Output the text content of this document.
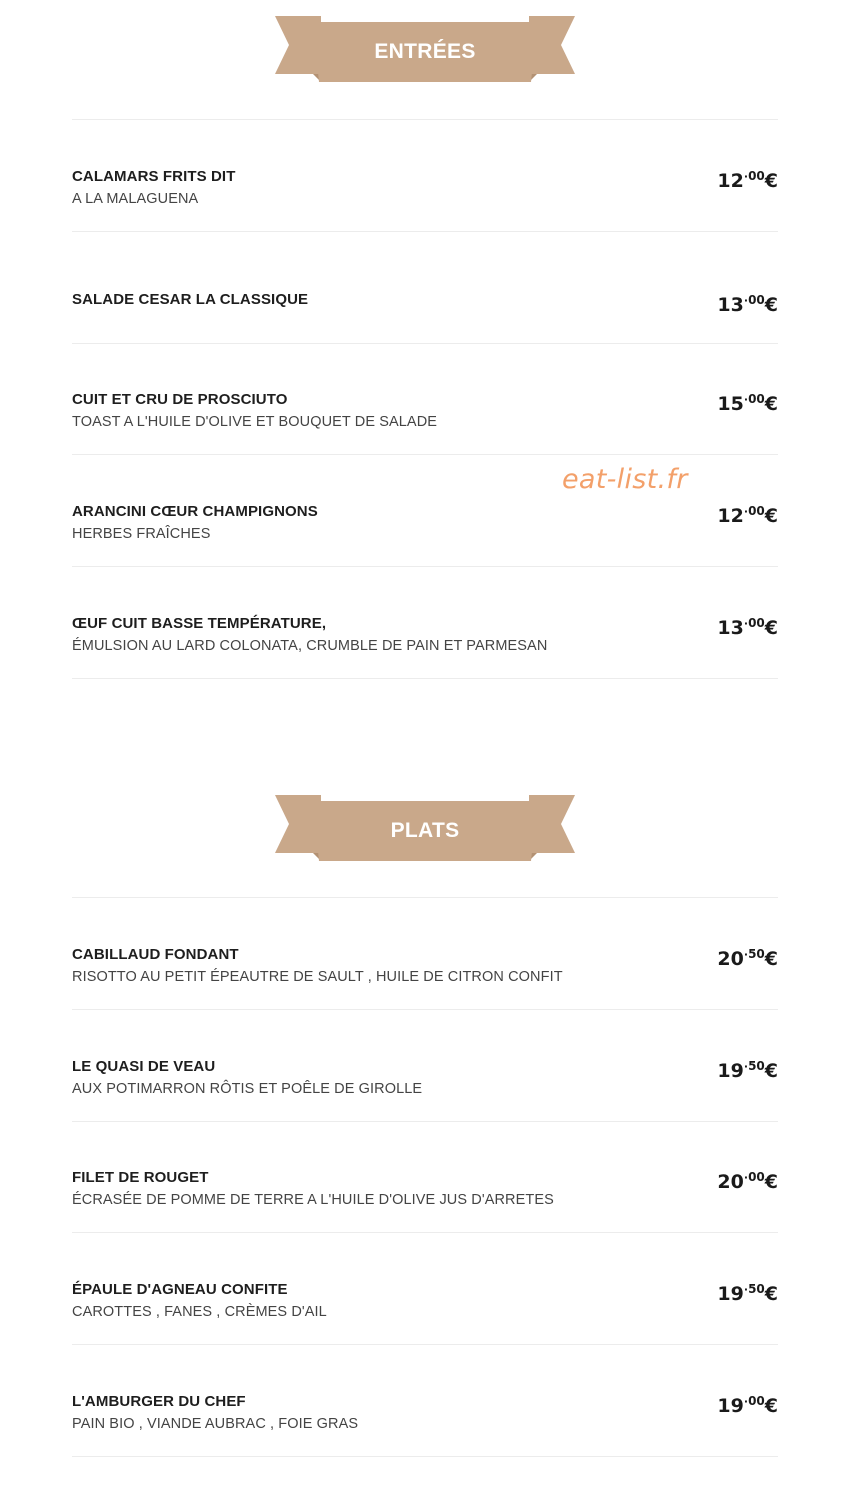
ENTRÉES
CALAMARS FRITS DIT
A LA MALAGUENA
$12^{\cdot 00}€$
SALADE CESAR LA CLASSIQUE	$13^{\cdot 00}€$
CUIT ET CRU DE PROSCIUTO
TOAST A L'HUILE D'OLIVE ET BOUQUET DE SALADE
$15^{\cdot 00}€$
ARANCINI CŒUR CHAMPIGNONS
HERBES FRAÎCHES
$12^{\cdot 00}€$
ŒUF CUIT BASSE TEMPÉRATURE,
ÉMULSION AU LARD COLONATA, CRUMBLE DE PAIN ET PARMESAN
$13^{\cdot 00}€$
PLATS
CABILLAUD FONDANT
RISOTTO AU PETIT ÉPEAUTRE DE SAULT , HUILE DE CITRON CONFIT
$20^{\cdot 50}€$
LE QUASI DE VEAU
AUX POTIMARRON RÔTIS ET POÊLE DE GIROLLE
$19^{\cdot 50}€$
FILET DE ROUGET
ÉCRASÉE DE POMME DE TERRE A L'HUILE D'OLIVE JUS D'ARRETES
$20^{\cdot 00}€$
ÉPAULE D'AGNEAU CONFITE
CAROTTES , FANES , CRÈMES D'AIL
$19^{\cdot 50}€$
L'AMBURGER DU CHEF
PAIN BIO , VIANDE AUBRAC , FOIE GRAS
$19^{\cdot 00}€$
eat-list.fr
